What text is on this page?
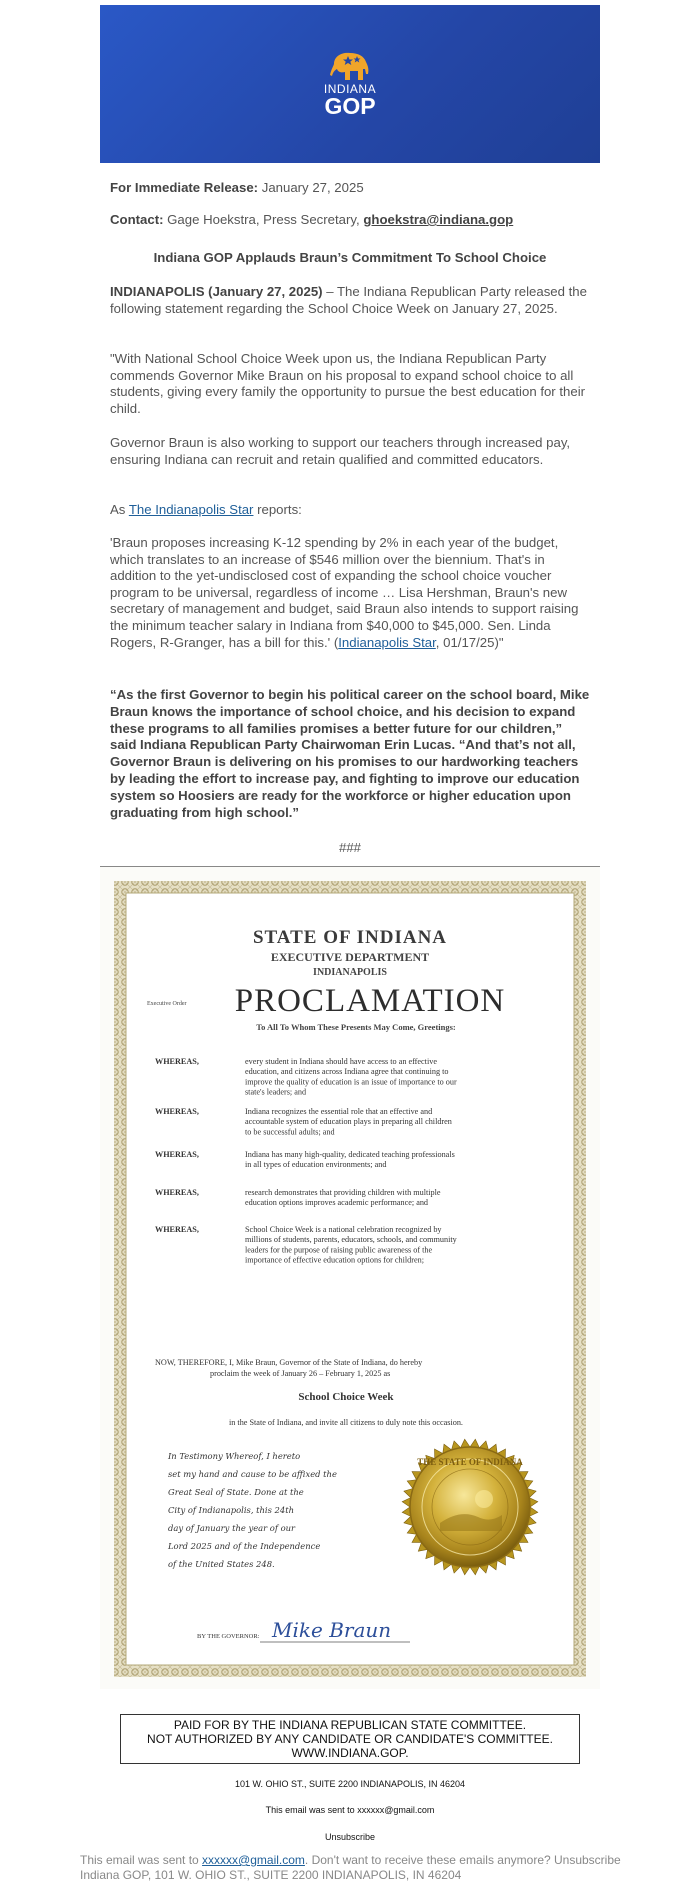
INDIANA
GOP

For Immediate Release: January 27, 2025

Contact: Gage Hoekstra, Press Secretary, ghoekstra@indiana.gop

Indiana GOP Applauds Braun’s Commitment To School Choice

INDIANAPOLIS (January 27, 2025) – The Indiana Republican Party released the following statement regarding the School Choice Week on January 27, 2025.

"With National School Choice Week upon us, the Indiana Republican Party commends Governor Mike Braun on his proposal to expand school choice to all students, giving every family the opportunity to pursue the best education for their child.

Governor Braun is also working to support our teachers through increased pay, ensuring Indiana can recruit and retain qualified and committed educators.

As The Indianapolis Star reports:

'Braun proposes increasing K-12 spending by 2% in each year of the budget, which translates to an increase of $546 million over the biennium. That's in addition to the yet-undisclosed cost of expanding the school choice voucher program to be universal, regardless of income … Lisa Hershman, Braun's new secretary of management and budget, said Braun also intends to support raising the minimum teacher salary in Indiana from $40,000 to $45,000. Sen. Linda Rogers, R-Granger, has a bill for this.' (Indianapolis Star, 01/17/25)"

“As the first Governor to begin his political career on the school board, Mike Braun knows the importance of school choice, and his decision to expand these programs to all families promises a better future for our children,” said Indiana Republican Party Chairwoman Erin Lucas. “And that’s not all, Governor Braun is delivering on his promises to our hardworking teachers by leading the effort to increase pay, and fighting to improve our education system so Hoosiers are ready for the workforce or higher education upon graduating from high school.”

###

STATE OF INDIANA
EXECUTIVE DEPARTMENT
INDIANAPOLIS
Executive Order PROCLAMATION
To All To Whom These Presents May Come, Greetings:
WHEREAS,	every student in Indiana should have access to an effective
education, and citizens across Indiana agree that continuing to
improve the quality of education is an issue of importance to our
state's leaders; and
WHEREAS,	Indiana recognizes the essential role that an effective and
accountable system of education plays in preparing all children
to be successful adults; and
WHEREAS,	Indiana has many high-quality, dedicated teaching professionals
in all types of education environments; and
WHEREAS,	research demonstrates that providing children with multiple
education options improves academic performance; and
WHEREAS,	School Choice Week is a national celebration recognized by
millions of students, parents, educators, schools, and community
leaders for the purpose of raising public awareness of the
importance of effective education options for children;
NOW, THEREFORE, I, Mike Braun, Governor of the State of Indiana, do hereby
proclaim the week of January 26 – February 1, 2025 as
School Choice Week
in the State of Indiana, and invite all citizens to duly note this occasion.
In Testimony Whereof, I hereto
set my hand and cause to be affixed the
Great Seal of State. Done at the
City of Indianapolis, this 24th
day of January the year of our
Lord 2025 and of the Independence
of the United States 248.
THE STATE OF INDIANA
BY THE GOVERNOR: Mike Braun
PAID FOR BY THE INDIANA REPUBLICAN STATE COMMITTEE.
NOT AUTHORIZED BY ANY CANDIDATE OR CANDIDATE'S COMMITTEE.
WWW.INDIANA.GOP.
101 W. OHIO ST., SUITE 2200 INDIANAPOLIS, IN 46204
This email was sent to xxxxxx@gmail.com
Unsubscribe
This email was sent to xxxxxx@gmail.com. Don't want to receive these emails anymore? Unsubscribe
Indiana GOP, 101 W. OHIO ST., SUITE 2200 INDIANAPOLIS, IN 46204
